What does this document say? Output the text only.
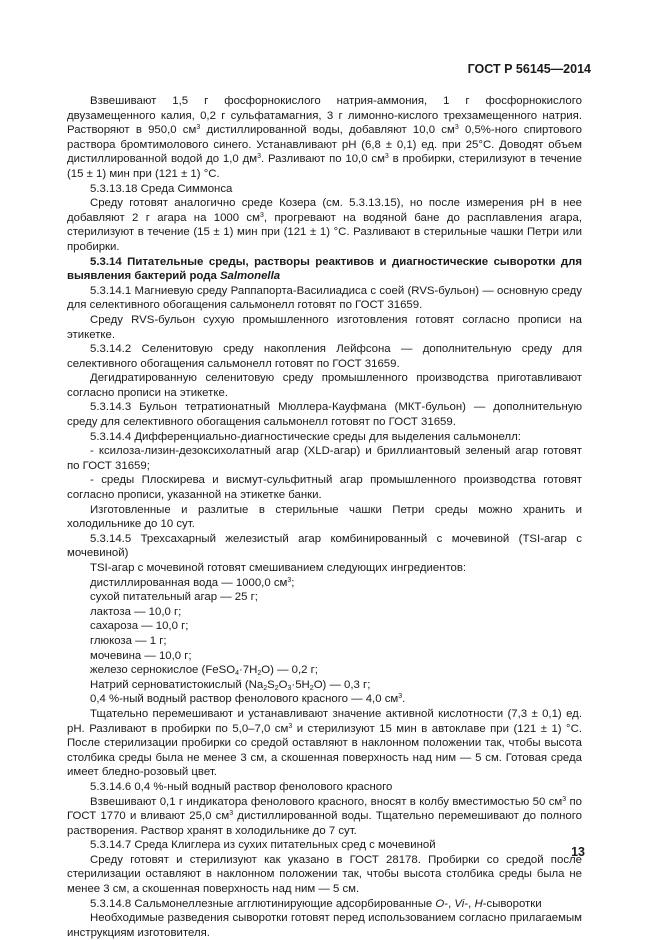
ГОСТ Р 56145—2014

Взвешивают 1,5 г фосфорнокислого натрия-аммония, 1 г фосфорнокислого двузамещенного калия, 0,2 г сульфатамагния, 3 г лимонно-кислого трехзамещенного натрия. Растворяют в 950,0 $см^3$ дистиллированной воды, добавляют 10,0 $см^3$ 0,5%-ного спиртового раствора бромтимолового синего. Устанавливают pH (6,8 ± 0,1) ед. при 25°С. Доводят объем дистиллированной водой до 1,0 $дм^3$. Разливают по 10,0 $см^3$ в пробирки, стерилизуют в течение (15 ± 1) мин при (121 ± 1) °С.

5.3.13.18 Среда Симмонса

Среду готовят аналогично среде Козера (см. 5.3.13.15), но после измерения pH в нее добавляют 2 г агара на 1000 $см^3$, прогревают на водяной бане до расплавления агара, стерилизуют в течение (15 ± 1) мин при (121 ± 1) °С. Разливают в стерильные чашки Петри или пробирки.

5.3.14 Питательные среды, растворы реактивов и диагностические сыворотки для выявления бактерий рода Salmonella

5.3.14.1 Магниевую среду Раппапорта-Василиадиса с соей (RVS-бульон) — основную среду для селективного обогащения сальмонелл готовят по ГОСТ 31659.

Среду RVS-бульон сухую промышленного изготовления готовят согласно прописи на этикетке.

5.3.14.2 Селенитовую среду накопления Лейфсона — дополнительную среду для селективного обогащения сальмонелл готовят по ГОСТ 31659.

Дегидратированную селенитовую среду промышленного производства приготавливают согласно прописи на этикетке.

5.3.14.3 Бульон тетратионатный Мюллера-Кауфмана (МКТ-бульон) — дополнительную среду для селективного обогащения сальмонелл готовят по ГОСТ 31659.

5.3.14.4 Дифференциально-диагностические среды для выделения сальмонелл:

- ксилоза-лизин-дезоксихолатный агар (XLD-агар) и бриллиантовый зеленый агар готовят по ГОСТ 31659;

- среды Плоскирева и висмут-сульфитный агар промышленного производства готовят согласно прописи, указанной на этикетке банки.

Изготовленные и разлитые в стерильные чашки Петри среды можно хранить и холодильнике до 10 сут.

5.3.14.5 Трехсахарный железистый агар комбинированный с мочевиной (TSI-агар с мочевиной)

TSI-агар с мочевиной готовят смешиванием следующих ингредиентов:

дистиллированная вода — 1000,0 $см^3$;

сухой питательный агар — 25 г;

лактоза — 10,0 г;

сахароза — 10,0 г;

глюкоза — 1 г;

мочевина — 10,0 г;

железо сернокислое $(FeSO_4\cdot 7H_2O)$ — 0,2 г;

Натрий серноватистокислый $(Na_2S_2O_3\cdot 5H_2O)$ — 0,3 г;

0,4 %-ный водный раствор фенолового красного — 4,0 $см^3$.

Тщательно перемешивают и устанавливают значение активной кислотности (7,3 ± 0,1) ед. pH. Разливают в пробирки по 5,0–7,0 $см^3$ и стерилизуют 15 мин в автоклаве при (121 ± 1) °С. После стерилизации пробирки со средой оставляют в наклонном положении так, чтобы высота столбика среды была не менее 3 см, а скошенная поверхность над ним — 5 см. Готовая среда имеет бледно-розовый цвет.

5.3.14.6 0,4 %-ный водный раствор фенолового красного

Взвешивают 0,1 г индикатора фенолового красного, вносят в колбу вместимостью 50 $см^3$ по ГОСТ 1770 и вливают 25,0 $см^3$ дистиллированной воды. Тщательно перемешивают до полного растворения. Раствор хранят в холодильнике до 7 сут.

5.3.14.7 Среда Клиглера из сухих питательных сред с мочевиной

Среду готовят и стерилизуют как указано в ГОСТ 28178. Пробирки со средой после стерилизации оставляют в наклонном положении так, чтобы высота столбика среды была не менее 3 см, а скошенная поверхность над ним — 5 см.

5.3.14.8 Сальмонеллезные агглютинирующие адсорбированные О-, Vi-, Н-сыворотки

Необходимые разведения сыворотки готовят перед использованием согласно прилагаемым инструкциям изготовителя.

13
